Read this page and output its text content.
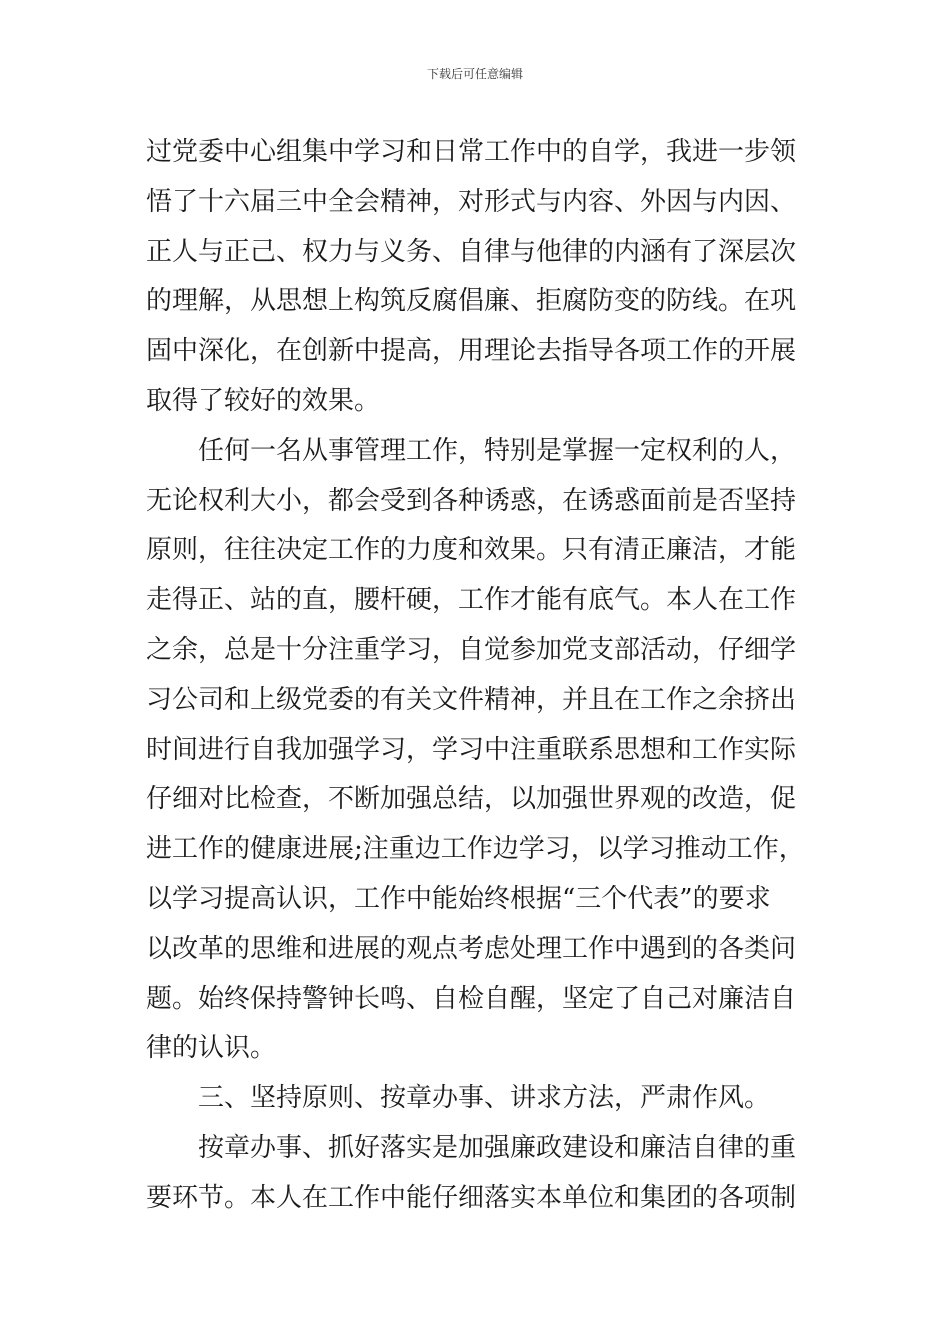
下载后可任意编辑
过党委中心组集中学习和日常工作中的自学，我进一步领
悟了十六届三中全会精神，对形式与内容、外因与内因、
正人与正己、权力与义务、自律与他律的内涵有了深层次
的理解，从思想上构筑反腐倡廉、拒腐防变的防线。在巩
固中深化，在创新中提高，用理论去指导各项工作的开展
取得了较好的效果。
任何一名从事管理工作，特别是掌握一定权利的人，
无论权利大小，都会受到各种诱惑，在诱惑面前是否坚持
原则，往往决定工作的力度和效果。只有清正廉洁，才能
走得正、站的直，腰杆硬，工作才能有底气。本人在工作
之余，总是十分注重学习，自觉参加党支部活动，仔细学
习公司和上级党委的有关文件精神，并且在工作之余挤出
时间进行自我加强学习，学习中注重联系思想和工作实际
仔细对比检查，不断加强总结，以加强世界观的改造，促
进工作的健康进展;注重边工作边学习，以学习推动工作，
以学习提高认识，工作中能始终根据“三个代表”的要求
以改革的思维和进展的观点考虑处理工作中遇到的各类问
题。始终保持警钟长鸣、自检自醒，坚定了自己对廉洁自
律的认识。
三、坚持原则、按章办事、讲求方法，严肃作风。
按章办事、抓好落实是加强廉政建设和廉洁自律的重
要环节。本人在工作中能仔细落实本单位和集团的各项制
